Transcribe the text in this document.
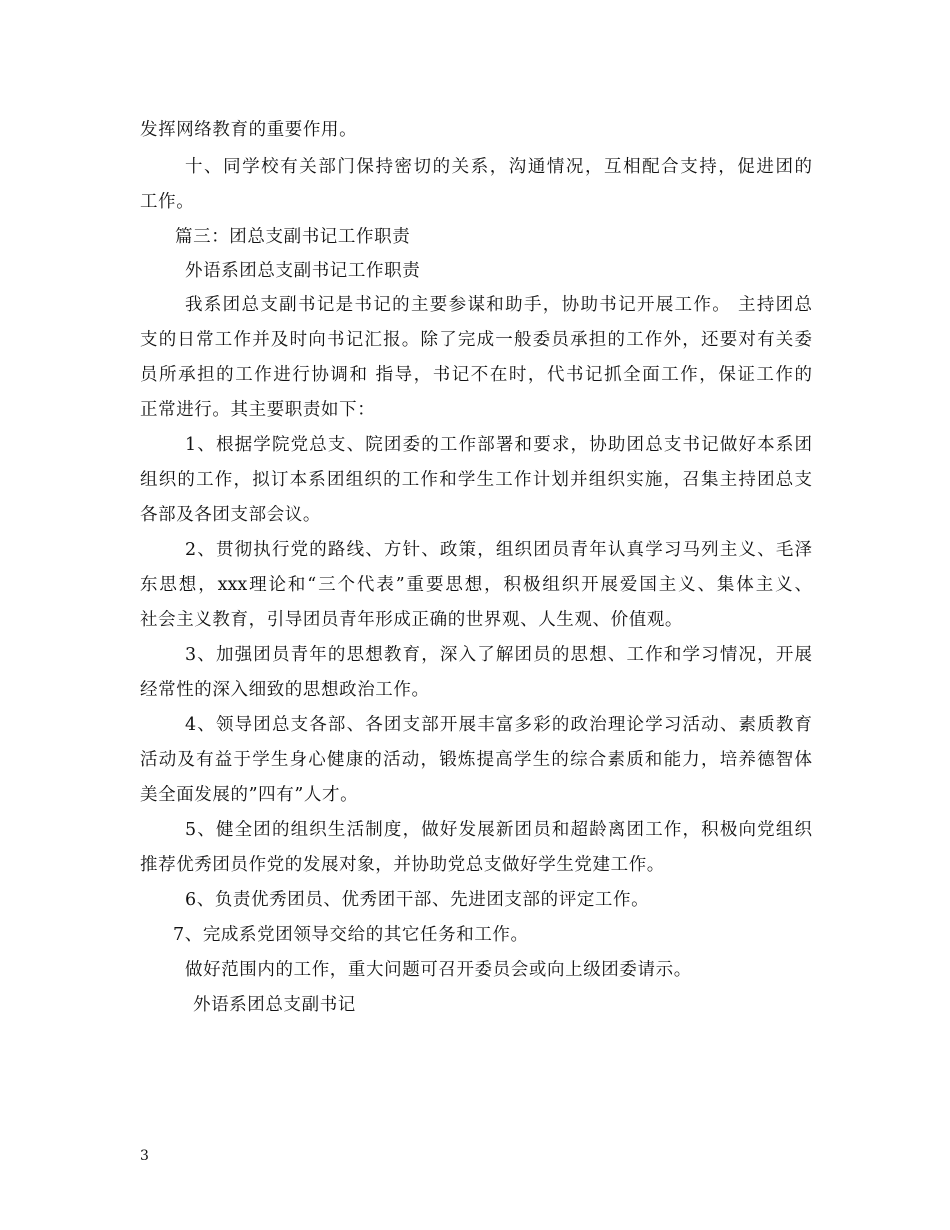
发挥网络教育的重要作用。
十、同学校有关部门保持密切的关系，沟通情况，互相配合支持，促进团的
工作。
篇三：团总支副书记工作职责
外语系团总支副书记工作职责
我系团总支副书记是书记的主要参谋和助手，协助书记开展工作。 主持团总
支的日常工作并及时向书记汇报。除了完成一般委员承担的工作外，还要对有关委
员所承担的工作进行协调和 指导，书记不在时，代书记抓全面工作，保证工作的
正常进行。其主要职责如下：
1、根据学院党总支、院团委的工作部署和要求，协助团总支书记做好本系团
组织的工作，拟订本系团组织的工作和学生工作计划并组织实施，召集主持团总支
各部及各团支部会议。
2、贯彻执行党的路线、方针、政策，组织团员青年认真学习马列主义、毛泽
东思想，xxx理论和“三个代表”重要思想，积极组织开展爱国主义、集体主义、
社会主义教育，引导团员青年形成正确的世界观、人生观、价值观。
3、加强团员青年的思想教育，深入了解团员的思想、工作和学习情况，开展
经常性的深入细致的思想政治工作。
4、领导团总支各部、各团支部开展丰富多彩的政治理论学习活动、素质教育
活动及有益于学生身心健康的活动，锻炼提高学生的综合素质和能力，培养德智体
美全面发展的”四有”人才。
5、健全团的组织生活制度，做好发展新团员和超龄离团工作，积极向党组织
推荐优秀团员作党的发展对象，并协助党总支做好学生党建工作。
6、负责优秀团员、优秀团干部、先进团支部的评定工作。
7、完成系党团领导交给的其它任务和工作。
做好范围内的工作，重大问题可召开委员会或向上级团委请示。
外语系团总支副书记
3
